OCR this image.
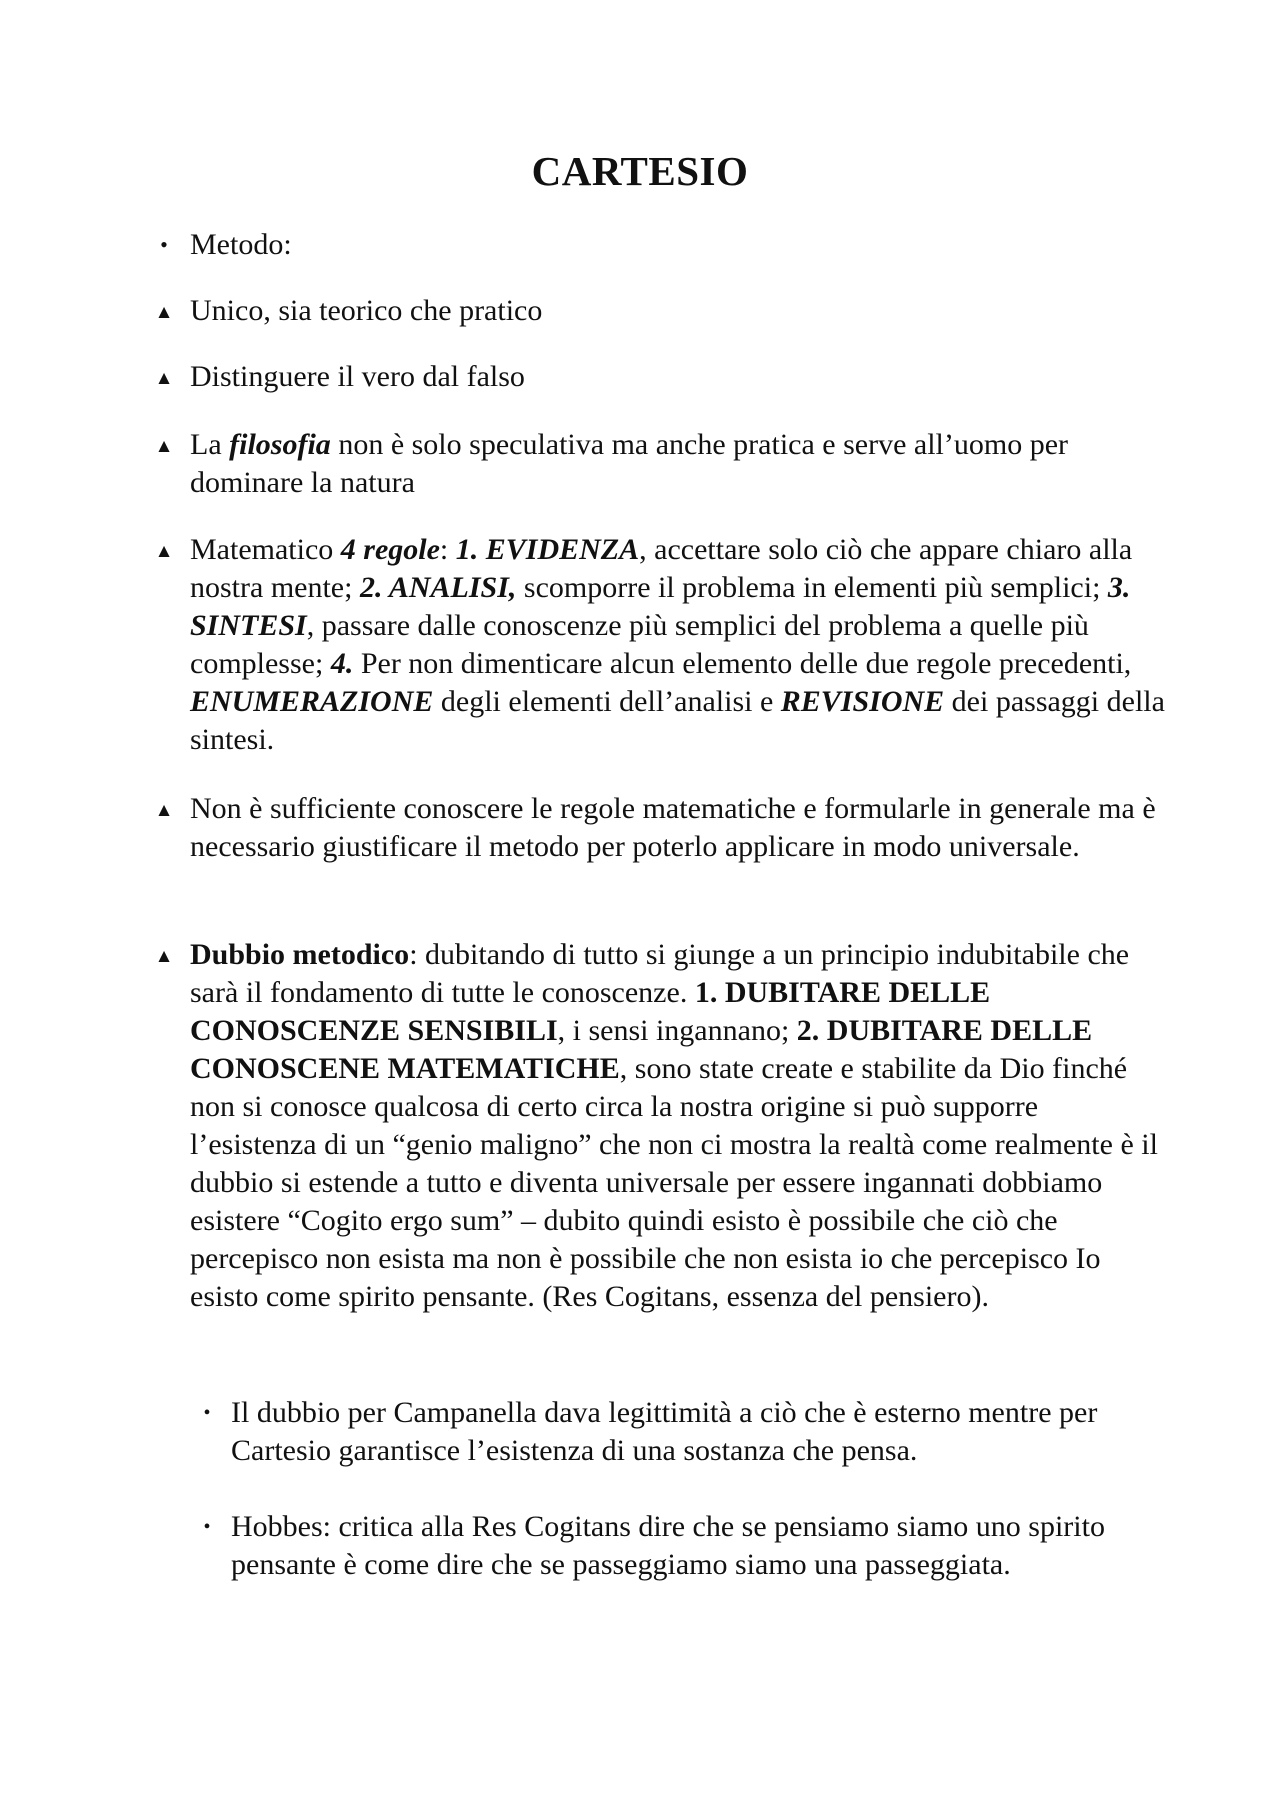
CARTESIO
• Metodo:
▲ Unico, sia teorico che pratico
▲ Distinguere il vero dal falso
▲ La filosofia non è solo speculativa ma anche pratica e serve all’uomo per dominare la natura
▲ Matematico 4 regole: 1. EVIDENZA, accettare solo ciò che appare chiaro alla nostra mente; 2. ANALISI, scomporre il problema in elementi più semplici; 3. SINTESI, passare dalle conoscenze più semplici del problema a quelle più complesse; 4. Per non dimenticare alcun elemento delle due regole precedenti, ENUMERAZIONE degli elementi dell’analisi e REVISIONE dei passaggi della sintesi.
▲ Non è sufficiente conoscere le regole matematiche e formularle in generale ma è necessario giustificare il metodo per poterlo applicare in modo universale.
▲ Dubbio metodico: dubitando di tutto si giunge a un principio indubitabile che sarà il fondamento di tutte le conoscenze. 1. DUBITARE DELLE CONOSCENZE SENSIBILI, i sensi ingannano; 2. DUBITARE DELLE CONOSCENE MATEMATICHE, sono state create e stabilite da Dio finché non si conosce qualcosa di certo circa la nostra origine si può supporre l’esistenza di un “genio maligno” che non ci mostra la realtà come realmente è il dubbio si estende a tutto e diventa universale per essere ingannati dobbiamo esistere “Cogito ergo sum” – dubito quindi esisto è possibile che ciò che percepisco non esista ma non è possibile che non esista io che percepisco Io esisto come spirito pensante. (Res Cogitans, essenza del pensiero).
• Il dubbio per Campanella dava legittimità a ciò che è esterno mentre per Cartesio garantisce l’esistenza di una sostanza che pensa.
• Hobbes: critica alla Res Cogitans dire che se pensiamo siamo uno spirito pensante è come dire che se passeggiamo siamo una passeggiata.
